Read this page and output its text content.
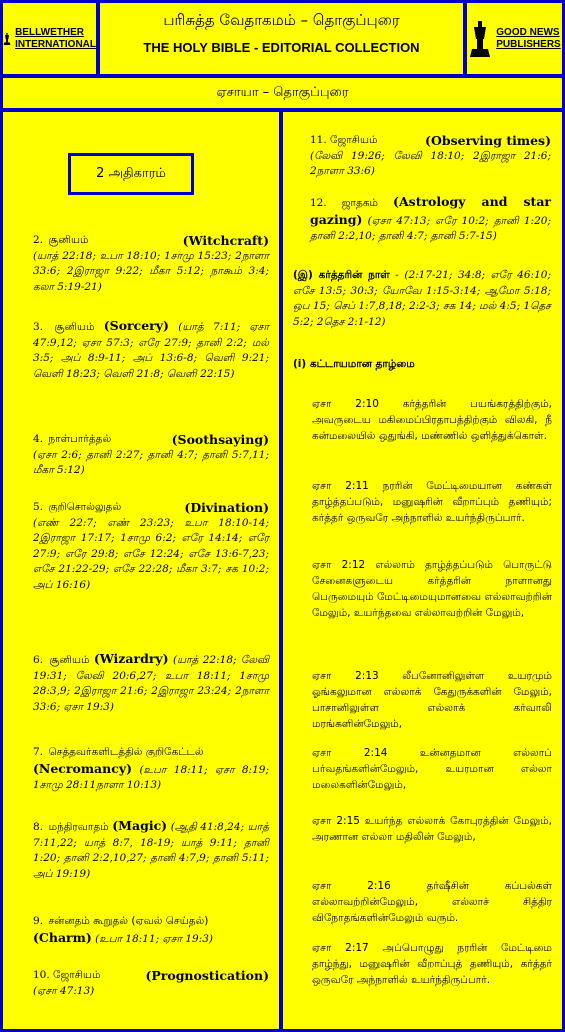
BELLWETHER
INTERNATIONAL
பரிசுத்த வேதாகமம் – தொகுப்புரை
THE HOLY BIBLE - EDITORIAL COLLECTION
GOOD NEWS
PUBLISHERS
ஏசாயா – தொகுப்புரை
2 அதிகாரம்
2. சூனியம்	(Witchcraft)

(யாத் 22:18; உபா 18:10; 1சாமு 15:23; 2நாளா 33:6; 2இராஜா 9:22; மீகா 5:12; நாகூம் 3:4; கலா 5:19-21)
3. சூனியம் (Sorcery) (யாத் 7:11; ஏசா 47:9,12; ஏசா 57:3; எரே 27:9; தானி 2:2; மல் 3:5; அப் 8:9-11; அப் 13:6-8; வெளி 9:21; வெளி 18:23; வெளி 21:8; வெளி 22:15)
4. நாள்பார்த்தல்	(Soothsaying)

(ஏசா 2:6; தானி 2:27; தானி 4:7; தானி 5:7,11; மீகா 5:12)
5. குறிசொல்லுதல்	(Divination)

(எண் 22:7; எண் 23:23; உபா 18:10-14; 2இராஜா 17:17; 1சாமு 6:2; எரே 14:14; எரே 27:9; எரே 29:8; எசே 12:24; எசே 13:6-7,23; எசே 21:22-29; எசே 22:28; மீகா 3:7; சக 10:2; அப் 16:16)
6. சூனியம் (Wizardry) (யாத் 22:18; லேவி 19:31; லேவி 20:6,27; உபா 18:11; 1சாமு 28:3,9; 2இராஜா 21:6; 2இராஜா 23:24; 2நாளா 33:6; ஏசா 19:3)
7. செத்தவர்களிடத்தில் குறிகேட்டல்
(Necromancy) (உபா 18:11; ஏசா 8:19; 1சாமு 28:11நாளா 10:13)
8. மந்திரவாதம் (Magic) (ஆதி 41:8,24; யாத் 7:11,22; யாத் 8:7, 18-19; யாத் 9:11; தானி 1:20; தானி 2:2,10,27; தானி 4:7,9; தானி 5:11; அப் 19:19)
9. சன்னதம் கூறுதல் (ஏவல் செய்தல்)
(Charm) (உபா 18:11; ஏசா 19:3)
10. ஜோசியம்	(Prognostication)

(ஏசா 47:13)
11. ஜோசியம்	(Observing times)

(லேவி 19:26; லேவி 18:10; 2இராஜா 21:6; 2நாளா 33:6)
12. ஜாதகம் (Astrology and star gazing) (ஏசா 47:13; எரே 10:2; தானி 1:20; தானி 2:2,10; தானி 4:7; தானி 5:7-15)
(இ) கர்த்தரின் நாள் - (2:17-21; 34:8; எரே 46:10; எசே 13:5; 30:3; யோவே 1:15-3:14; ஆமோ 5:18; ஒப 15; செப் 1:7,8,18; 2:2-3; சக 14; மல் 4:5; 1தெச 5:2; 2தெச 2:1-12)
(i) கட்டாயமான தாழ்மை
ஏசா 2:10 கர்த்தரின் பயங்கரத்திற்கும், அவருடைய மகிமைப்பிரதாபத்திற்கும் விலகி, நீ கன்மலையில் ஒதுங்கி, மண்ணில் ஒளித்துக்கொள்.
ஏசா 2:11 நரரின் மேட்டிமையான கண்கள் தாழ்த்தப்படும், மனுஷரின் வீறாப்பும் தணியும்; கர்த்தர் ஒருவரே அந்நாளில் உயர்ந்திருப்பார்.
ஏசா 2:12 எல்லாம் தாழ்த்தப்படும் பொருட்டு சேனைகளுடைய கர்த்தரின் நாளானது பெருமையும் மேட்டிமையுமானவை எல்லாவற்றின் மேலும், உயர்ந்தவை எல்லாவற்றின் மேலும்,
ஏசா 2:13 லீபனோனிலுள்ள உயரமும் ஓங்கலுமான எல்லாக் கேதுருக்களின் மேலும், பாசானிலுள்ள எல்லாக் கர்வாலி மரங்களின்மேலும்,
ஏசா 2:14 உன்னதமான எல்லாப் பர்வதங்களின்மேலும், உயரமான எல்லா மலைகளின்மேலும்,
ஏசா 2:15 உயர்ந்த எல்லாக் கோபுரத்தின் மேலும், அரணான எல்லா மதிலின் மேலும்,
ஏசா 2:16 தர்ஷீசின் கப்பல்கள் எல்லாவற்றின்மேலும், எல்லாச் சித்திர விநோதங்களின்மேலும் வரும்.
ஏசா 2:17 அப்பொழுது நரரின் மேட்டிமை தாழ்ந்து, மனுஷரின் வீறாப்புத் தணியும், கர்த்தர் ஒருவரே அந்நாளில் உயர்ந்திருப்பார்.
